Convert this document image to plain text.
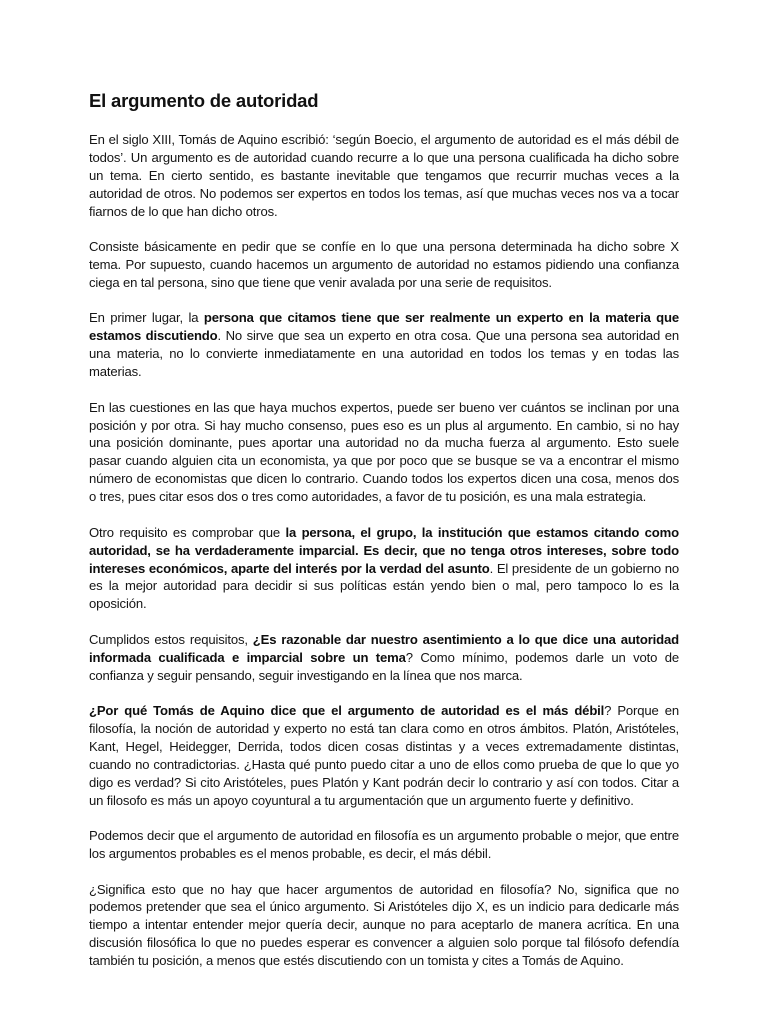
El argumento de autoridad

En el siglo XIII, Tomás de Aquino escribió: ‘según Boecio, el argumento de autoridad es el más débil de todos’. Un argumento es de autoridad cuando recurre a lo que una persona cualificada ha dicho sobre un tema. En cierto sentido, es bastante inevitable que tengamos que recurrir muchas veces a la autoridad de otros. No podemos ser expertos en todos los temas, así que muchas veces nos va a tocar fiarnos de lo que han dicho otros.

Consiste básicamente en pedir que se confíe en lo que una persona determinada ha dicho sobre X tema. Por supuesto, cuando hacemos un argumento de autoridad no estamos pidiendo una confianza ciega en tal persona, sino que tiene que venir avalada por una serie de requisitos.

En primer lugar, la persona que citamos tiene que ser realmente un experto en la materia que estamos discutiendo. No sirve que sea un experto en otra cosa. Que una persona sea autoridad en una materia, no lo convierte inmediatamente en una autoridad en todos los temas y en todas las materias.

En las cuestiones en las que haya muchos expertos, puede ser bueno ver cuántos se inclinan por una posición y por otra. Si hay mucho consenso, pues eso es un plus al argumento. En cambio, si no hay una posición dominante, pues aportar una autoridad no da mucha fuerza al argumento. Esto suele pasar cuando alguien cita un economista, ya que por poco que se busque se va a encontrar el mismo número de economistas que dicen lo contrario. Cuando todos los expertos dicen una cosa, menos dos o tres, pues citar esos dos o tres como autoridades, a favor de tu posición, es una mala estrategia.

Otro requisito es comprobar que la persona, el grupo, la institución que estamos citando como autoridad, se ha verdaderamente imparcial. Es decir, que no tenga otros intereses, sobre todo intereses económicos, aparte del interés por la verdad del asunto. El presidente de un gobierno no es la mejor autoridad para decidir si sus políticas están yendo bien o mal, pero tampoco lo es la oposición.

Cumplidos estos requisitos, ¿Es razonable dar nuestro asentimiento a lo que dice una autoridad informada cualificada e imparcial sobre un tema? Como mínimo, podemos darle un voto de confianza y seguir pensando, seguir investigando en la línea que nos marca.

¿Por qué Tomás de Aquino dice que el argumento de autoridad es el más débil? Porque en filosofía, la noción de autoridad y experto no está tan clara como en otros ámbitos. Platón, Aristóteles, Kant, Hegel, Heidegger, Derrida, todos dicen cosas distintas y a veces extremadamente distintas, cuando no contradictorias. ¿Hasta qué punto puedo citar a uno de ellos como prueba de que lo que yo digo es verdad? Si cito Aristóteles, pues Platón y Kant podrán decir lo contrario y así con todos. Citar a un filosofo es más un apoyo coyuntural a tu argumentación que un argumento fuerte y definitivo.

Podemos decir que el argumento de autoridad en filosofía es un argumento probable o mejor, que entre los argumentos probables es el menos probable, es decir, el más débil.

¿Significa esto que no hay que hacer argumentos de autoridad en filosofía? No, significa que no podemos pretender que sea el único argumento. Si Aristóteles dijo X, es un indicio para dedicarle más tiempo a intentar entender mejor quería decir, aunque no para aceptarlo de manera acrítica. En una discusión filosófica lo que no puedes esperar es convencer a alguien solo porque tal filósofo defendía también tu posición, a menos que estés discutiendo con un tomista y cites a Tomás de Aquino.
